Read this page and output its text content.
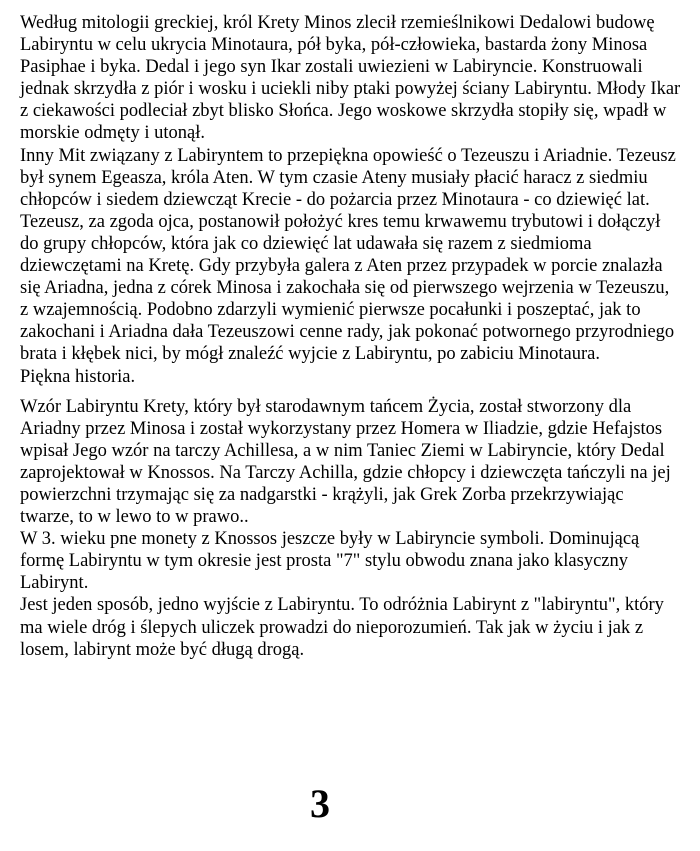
Według mitologii greckiej, król Krety Minos zlecił rzemieślnikowi Dedalowi budowę Labiryntu w celu ukrycia Minotaura, pół byka, pół-człowieka, bastarda żony Minosa Pasiphae i byka. Dedal i jego syn Ikar zostali uwiezieni w Labiryncie. Konstruowali jednak skrzydła z piór i wosku i uciekli niby ptaki powyżej ściany Labiryntu. Młody Ikar z ciekawości podleciał zbyt blisko Słońca. Jego woskowe skrzydła stopiły się, wpadł w morskie odmęty i utonął.
Inny Mit związany z Labiryntem to przepiękna opowieść o Tezeuszu i Ariadnie. Tezeusz był synem Egeasza, króla Aten. W tym czasie Ateny musiały płacić haracz z siedmiu chłopców i siedem dziewcząt Krecie - do pożarcia przez Minotaura - co dziewięć lat. Tezeusz, za zgoda ojca, postanowił położyć kres temu krwawemu trybutowi i dołączył do grupy chłopców, która jak co dziewięć lat udawała się razem z siedmioma dziewczętami na Kretę. Gdy przybyła galera z Aten przez przypadek w porcie znalazła się Ariadna, jedna z córek Minosa i zakochała się od pierwszego wejrzenia w Tezeuszu, z wzajemnością. Podobno zdarzyli wymienić pierwsze pocałunki i poszeptać, jak to zakochani i Ariadna dała Tezeuszowi cenne rady, jak pokonać potwornego przyrodniego brata i kłębek nici, by mógł znaleźć wyjcie z Labiryntu, po zabiciu Minotaura.
Piękna historia.

Wzór Labiryntu Krety, który był starodawnym tańcem Życia, został stworzony dla Ariadny przez Minosa i został wykorzystany przez Homera w Iliadzie, gdzie Hefajstos wpisał Jego wzór na tarczy Achillesa, a w nim Taniec Ziemi w Labiryncie, który Dedal zaprojektował w Knossos. Na Tarczy Achilla, gdzie chłopcy i dziewczęta tańczyli na jej powierzchni trzymając się za nadgarstki - krążyli, jak Grek Zorba przekrzywiając twarze, to w lewo to w prawo..
W 3. wieku pne monety z Knossos jeszcze były w Labiryncie symboli. Dominującą formę Labiryntu w tym okresie jest prosta "7" stylu obwodu znana jako klasyczny Labirynt.
Jest jeden sposób, jedno wyjście z Labiryntu. To odróżnia Labirynt z "labiryntu", który ma wiele dróg i ślepych uliczek prowadzi do nieporozumień. Tak jak w życiu i jak z losem, labirynt może być długą drogą.

3
